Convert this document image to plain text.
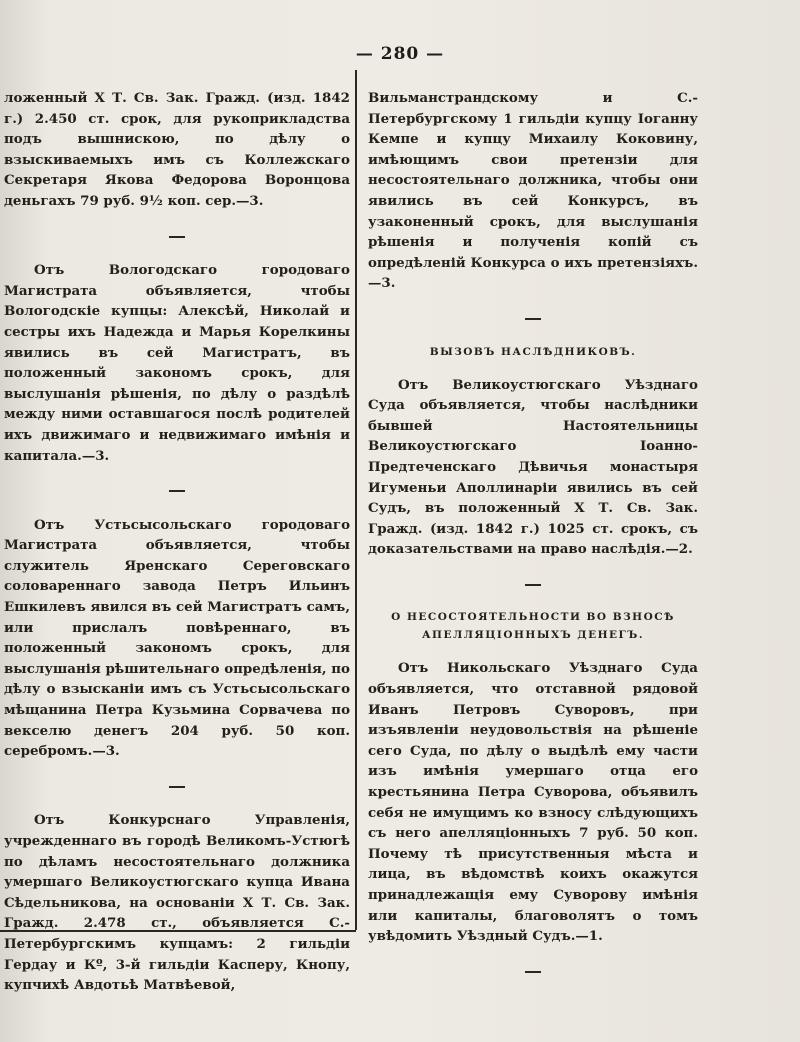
— 280 —

ложенный X Т. Св. Зак. Гражд. (изд. 1842 г.) 2.450 ст. срок, для рукоприкладства подъ вышнискою, по дѣлу о взыскиваемыхъ имъ съ Коллежскаго Секретаря Якова Федорова Воронцова деньгахъ 79 руб. 9½ коп. сер.—3.

Отъ Вологодскаго городоваго Магистрата объявляется, чтобы Вологодскіе купцы: Алексѣй, Николай и сестры ихъ Надежда и Марья Корелкины явились въ сей Магистратъ, въ положенный закономъ срокъ, для выслушанія рѣшенія, по дѣлу о раздѣлѣ между ними оставшагося послѣ родителей ихъ движимаго и недвижимаго имѣнія и капитала.—3.

Отъ Устьсысольскаго городоваго Магистрата объявляется, чтобы служитель Яренскаго Сереговскаго соловареннаго завода Петръ Ильинъ Ешкилевъ явился въ сей Магистратъ самъ, или прислалъ повѣреннаго, въ положенный закономъ срокъ, для выслушанія рѣшительнаго опредѣленія, по дѣлу о взысканіи имъ съ Устьсысольскаго мѣщанина Петра Кузьмина Сорвачева по векселю денегъ 204 руб. 50 коп. серебромъ.—3.

Отъ Конкурснаго Управленія, учрежденнаго въ городѣ Великомъ-Устюгѣ по дѣламъ несостоятельнаго должника умершаго Великоустюгскаго купца Ивана Сѣдельникова, на основаніи X Т. Св. Зак. Гражд. 2.478 ст., объявляется С.-Петербургскимъ купцамъ: 2 гильдіи Гердау и Кº, 3-й гильдіи Касперу, Кнопу, купчихѣ Авдотьѣ Матвѣевой,

Вильманстрандскому и С.-Петербургскому 1 гильдіи купцу Іоганну Кемпе и купцу Михаилу Коковину, имѣющимъ свои претензіи для несостоятельнаго должника, чтобы они явились въ сей Конкурсъ, въ узаконенный срокъ, для выслушанія рѣшенія и полученія копій съ опредѣленій Конкурса о ихъ претензіяхъ.—3.

ВЫЗОВЪ НАСЛѢДНИКОВЪ.

Отъ Великоустюгскаго Уѣзднаго Суда объявляется, чтобы наслѣдники бывшей Настоятельницы Великоустюгскаго Іоанно-Предтеченскаго Дѣвичья монастыря Игуменьи Аполлинаріи явились въ сей Судъ, въ положенный X Т. Св. Зак. Гражд. (изд. 1842 г.) 1025 ст. срокъ, съ доказательствами на право наслѣдія.—2.

О НЕСОСТОЯТЕЛЬНОСТИ ВО ВЗНОСѢ АПЕЛЛЯЦІОННЫХЪ ДЕНЕГЪ.

Отъ Никольскаго Уѣзднаго Суда объявляется, что отставной рядовой Иванъ Петровъ Суворовъ, при изъявленіи неудовольствія на рѣшеніе сего Суда, по дѣлу о выдѣлѣ ему части изъ имѣнія умершаго отца его крестьянина Петра Суворова, объявилъ себя не имущимъ ко взносу слѣдующихъ съ него апелляціонныхъ 7 руб. 50 коп. Почему тѣ присутственныя мѣста и лица, въ вѣдомствѣ коихъ окажутся принадлежащія ему Суворову имѣнія или капиталы, благоволятъ о томъ увѣдомить Уѣздный Судъ.—1.
